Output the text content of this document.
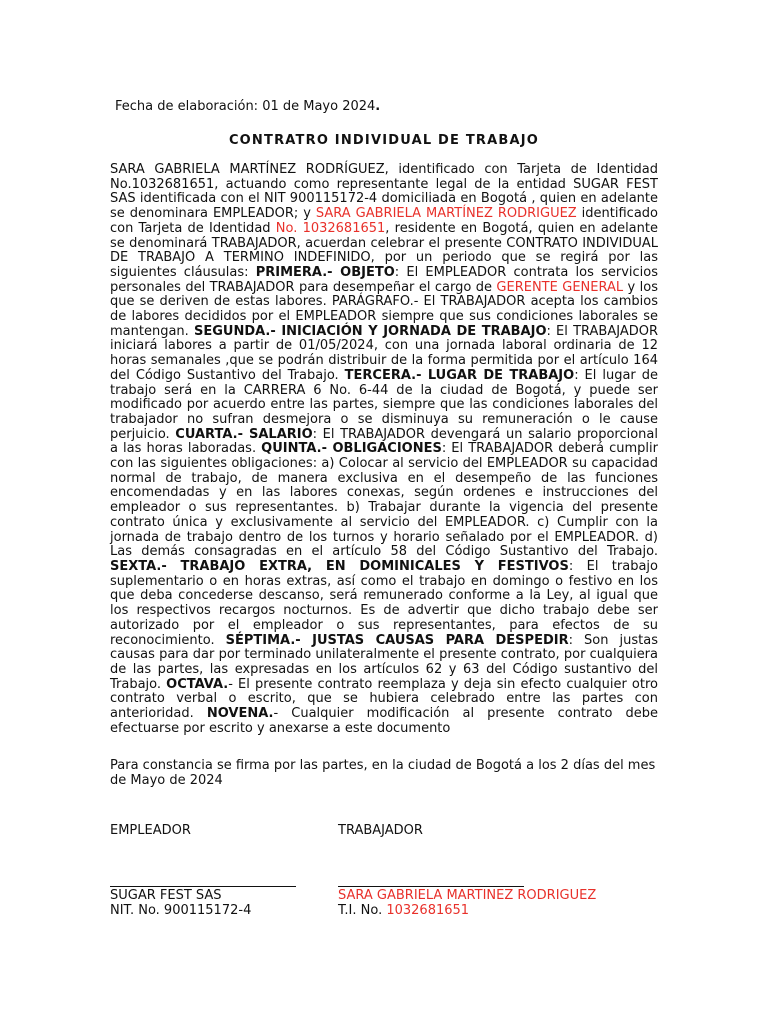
Fecha de elaboración: 01 de Mayo 2024.
CONTRATRO INDIVIDUAL DE TRABAJO
SARA GABRIELA MARTÍNEZ RODRÍGUEZ, identificado con Tarjeta de Identidad No.1032681651, actuando como representante legal de la entidad SUGAR FEST SAS identificada con el NIT 900115172-4 domiciliada en Bogotá , quien en adelante se denominara EMPLEADOR; y SARA GABRIELA MARTÍNEZ RODRIGUEZ identificado con Tarjeta de Identidad No. 1032681651, residente en Bogotá, quien en adelante se denominará TRABAJADOR, acuerdan celebrar el presente CONTRATO INDIVIDUAL DE TRABAJO A TERMINO INDEFINIDO, por un periodo que se regirá por las siguientes cláusulas: PRIMERA.- OBJETO: El EMPLEADOR contrata los servicios personales del TRABAJADOR para desempeñar el cargo de GERENTE GENERAL y los que se deriven de estas labores. PARÁGRAFO.- El TRABAJADOR acepta los cambios de labores decididos por el EMPLEADOR siempre que sus condiciones laborales se mantengan. SEGUNDA.- INICIACIÓN Y JORNADA DE TRABAJO: El TRABAJADOR iniciará labores a partir de 01/05/2024, con una jornada laboral ordinaria de 12 horas semanales ,que se podrán distribuir de la forma permitida por el artículo 164 del Código Sustantivo del Trabajo. TERCERA.- LUGAR DE TRABAJO: El lugar de trabajo será en la CARRERA 6 No. 6-44 de la ciudad de Bogotá, y puede ser modificado por acuerdo entre las partes, siempre que las condiciones laborales del trabajador no sufran desmejora o se disminuya su remuneración o le cause perjuicio. CUARTA.- SALARIO: El TRABAJADOR devengará un salario proporcional a las horas laboradas. QUINTA.- OBLIGACIONES: El TRABAJADOR deberá cumplir con las siguientes obligaciones: a) Colocar al servicio del EMPLEADOR su capacidad normal de trabajo, de manera exclusiva en el desempeño de las funciones encomendadas y en las labores conexas, según ordenes e instrucciones del empleador o sus representantes. b) Trabajar durante la vigencia del presente contrato única y exclusivamente al servicio del EMPLEADOR. c) Cumplir con la jornada de trabajo dentro de los turnos y horario señalado por el EMPLEADOR. d) Las demás consagradas en el artículo 58 del Código Sustantivo del Trabajo. SEXTA.- TRABAJO EXTRA, EN DOMINICALES Y FESTIVOS: El trabajo suplementario o en horas extras, así como el trabajo en domingo o festivo en los que deba concederse descanso, será remunerado conforme a la Ley, al igual que los respectivos recargos nocturnos. Es de advertir que dicho trabajo debe ser autorizado por el empleador o sus representantes, para efectos de su reconocimiento. SÉPTIMA.- JUSTAS CAUSAS PARA DESPEDIR: Son justas causas para dar por terminado unilateralmente el presente contrato, por cualquiera de las partes, las expresadas en los artículos 62 y 63 del Código sustantivo del Trabajo. OCTAVA.- El presente contrato reemplaza y deja sin efecto cualquier otro contrato verbal o escrito, que se hubiera celebrado entre las partes con anterioridad. NOVENA.- Cualquier modificación al presente contrato debe efectuarse por escrito y anexarse a este documento
Para constancia se firma por las partes, en la ciudad de Bogotá a los 2 días del mes de Mayo de 2024
EMPLEADOR	TRABAJADOR
SUGAR FEST SAS
NIT. No. 900115172-4
SARA GABRIELA MARTINEZ RODRIGUEZ
T.I. No. 1032681651
